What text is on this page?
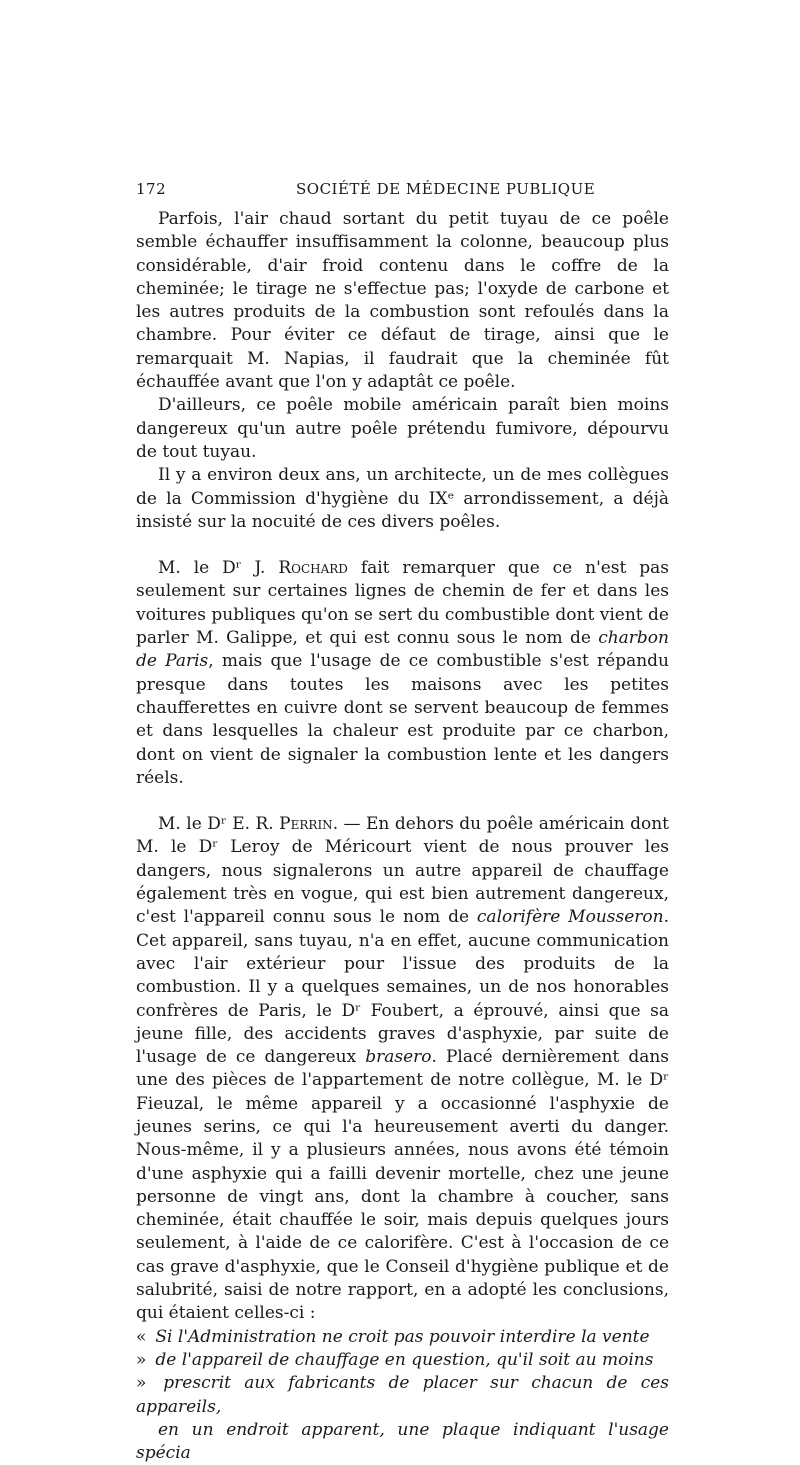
172	SOCIÉTÉ DE MÉDECINE PUBLIQUE

Parfois, l'air chaud sortant du petit tuyau de ce poêle semble échauffer insuffisamment la colonne, beaucoup plus considérable, d'air froid contenu dans le coffre de la cheminée; le tirage ne s'effectue pas; l'oxyde de carbone et les autres produits de la combustion sont refoulés dans la chambre. Pour éviter ce défaut de tirage, ainsi que le remarquait M. Napias, il faudrait que la cheminée fût échauffée avant que l'on y adaptât ce poêle.

D'ailleurs, ce poêle mobile américain paraît bien moins dangereux qu'un autre poêle prétendu fumivore, dépourvu de tout tuyau.

Il y a environ deux ans, un architecte, un de mes collègues de la Commission d'hygiène du IXᵉ arrondissement, a déjà insisté sur la nocuité de ces divers poêles.

M. le Dʳ J. Rochard fait remarquer que ce n'est pas seulement sur certaines lignes de chemin de fer et dans les voitures publiques qu'on se sert du combustible dont vient de parler M. Galippe, et qui est connu sous le nom de charbon de Paris, mais que l'usage de ce combustible s'est répandu presque dans toutes les maisons avec les petites chaufferettes en cuivre dont se servent beaucoup de femmes et dans lesquelles la chaleur est produite par ce charbon, dont on vient de signaler la combustion lente et les dangers réels.

M. le Dʳ E. R. Perrin. — En dehors du poêle américain dont M. le Dʳ Leroy de Méricourt vient de nous prouver les dangers, nous signalerons un autre appareil de chauffage également très en vogue, qui est bien autrement dangereux, c'est l'appareil connu sous le nom de calorifère Mousseron. Cet appareil, sans tuyau, n'a en effet, aucune communication avec l'air extérieur pour l'issue des produits de la combustion. Il y a quelques semaines, un de nos honorables confrères de Paris, le Dʳ Foubert, a éprouvé, ainsi que sa jeune fille, des accidents graves d'asphyxie, par suite de l'usage de ce dangereux brasero. Placé dernièrement dans une des pièces de l'appartement de notre collègue, M. le Dʳ Fieuzal, le même appareil y a occasionné l'asphyxie de jeunes serins, ce qui l'a heureusement averti du danger. Nous-même, il y a plusieurs années, nous avons été témoin d'une asphyxie qui a failli devenir mortelle, chez une jeune personne de vingt ans, dont la chambre à coucher, sans cheminée, était chauffée le soir, mais depuis quelques jours seulement, à l'aide de ce calorifère. C'est à l'occasion de ce cas grave d'asphyxie, que le Conseil d'hygiène publique et de salubrité, saisi de notre rapport, en a adopté les conclusions, qui étaient celles-ci :

« Si l'Administration ne croit pas pouvoir interdire la vente
» de l'appareil de chauffage en question, qu'il soit au moins
» prescrit aux fabricants de placer sur chacun de ces appareils,
en un endroit apparent, une plaque indiquant l'usage spécia
